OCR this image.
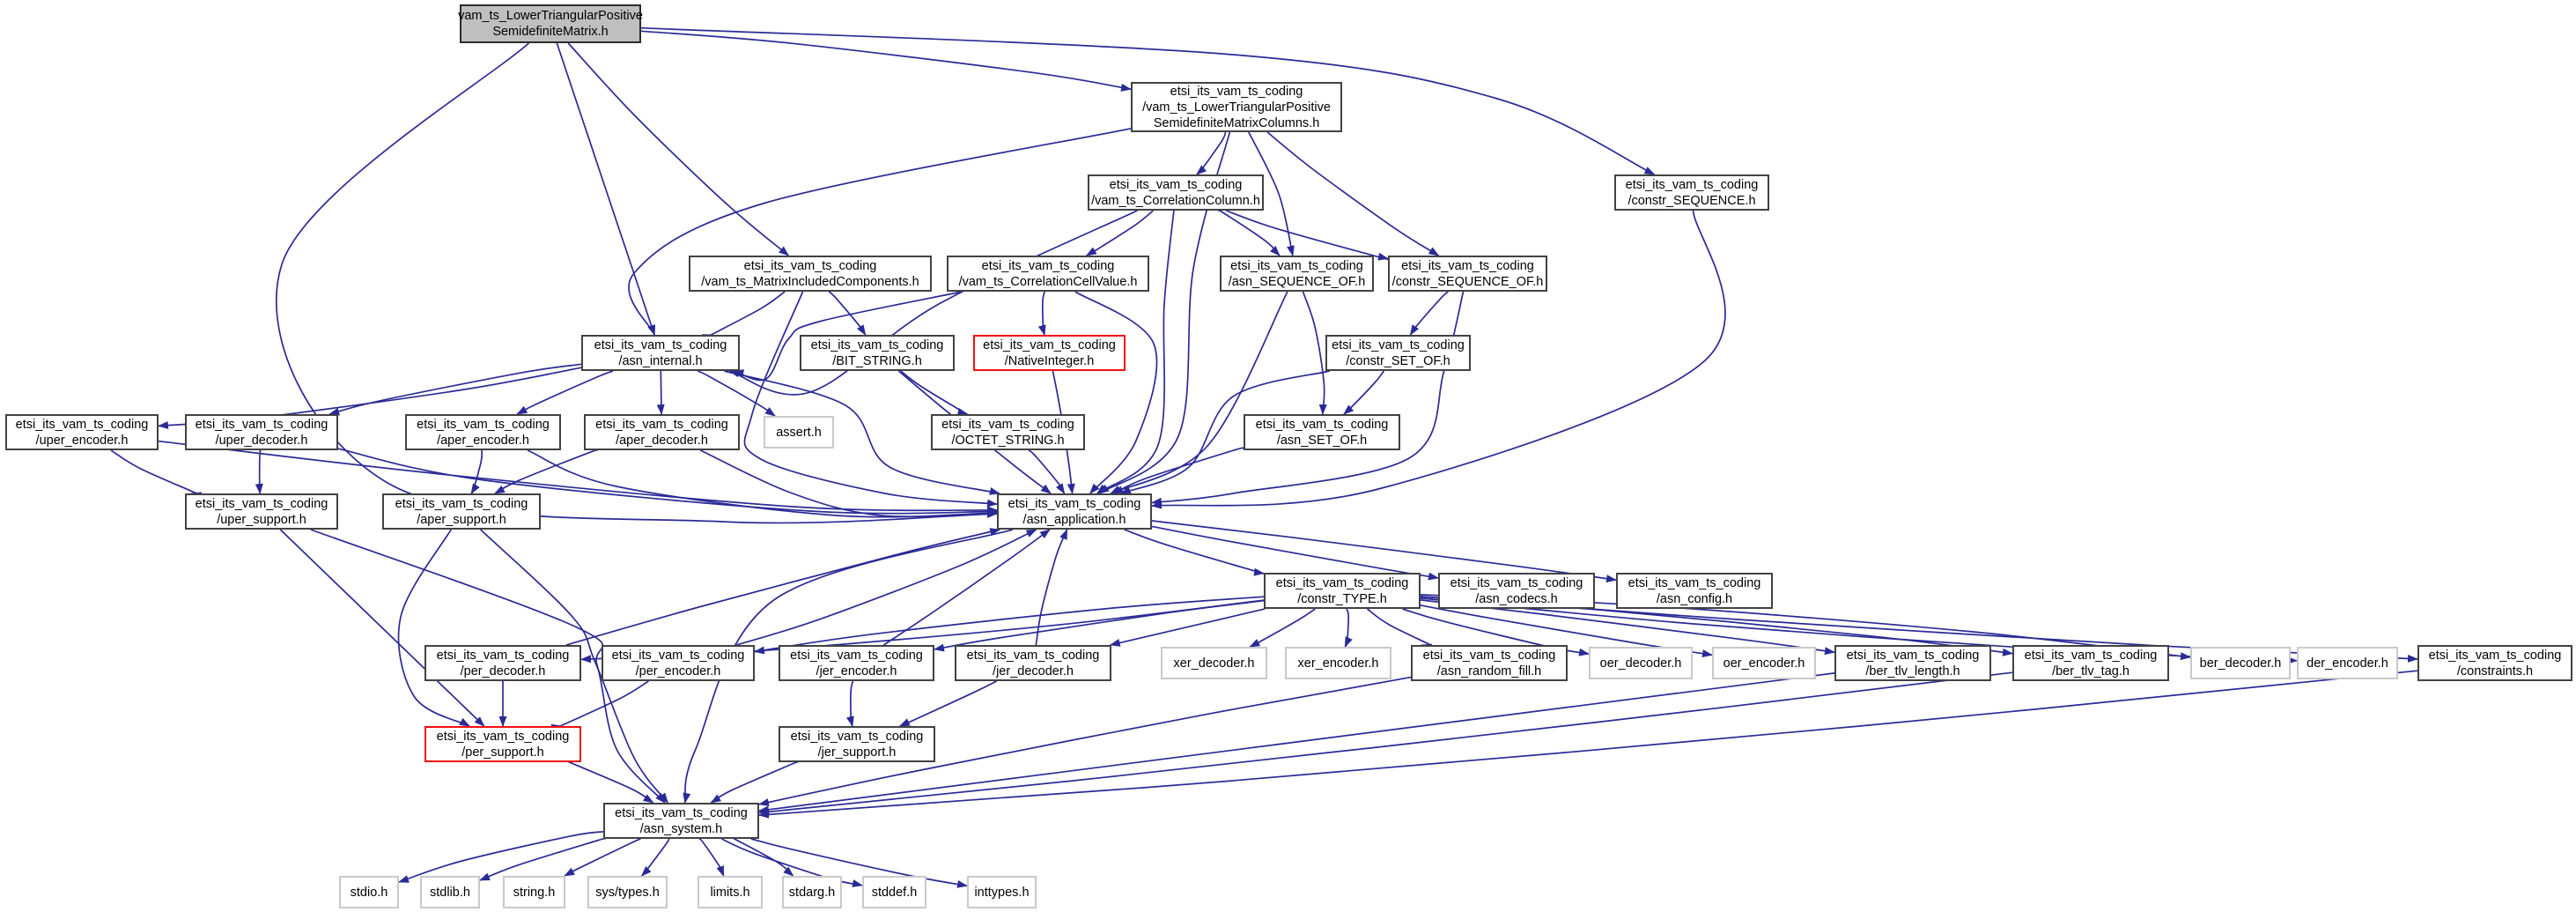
vam_ts_LowerTriangularPositive
SemidefiniteMatrix.h
etsi_its_vam_ts_coding
/vam_ts_LowerTriangularPositive
SemidefiniteMatrixColumns.h
etsi_its_vam_ts_coding
/vam_ts_CorrelationColumn.h
etsi_its_vam_ts_coding
/constr_SEQUENCE.h
etsi_its_vam_ts_coding
/vam_ts_MatrixIncludedComponents.h
etsi_its_vam_ts_coding
/vam_ts_CorrelationCellValue.h
etsi_its_vam_ts_coding
/asn_SEQUENCE_OF.h
etsi_its_vam_ts_coding
/constr_SEQUENCE_OF.h
etsi_its_vam_ts_coding
/asn_internal.h
etsi_its_vam_ts_coding
/BIT_STRING.h
etsi_its_vam_ts_coding
/NativeInteger.h
etsi_its_vam_ts_coding
/constr_SET_OF.h
etsi_its_vam_ts_coding
/uper_encoder.h
etsi_its_vam_ts_coding
/uper_decoder.h
etsi_its_vam_ts_coding
/aper_encoder.h
etsi_its_vam_ts_coding
/aper_decoder.h
assert.h
etsi_its_vam_ts_coding
/OCTET_STRING.h
etsi_its_vam_ts_coding
/asn_SET_OF.h
etsi_its_vam_ts_coding
/uper_support.h
etsi_its_vam_ts_coding
/aper_support.h
etsi_its_vam_ts_coding
/asn_application.h
etsi_its_vam_ts_coding
/constr_TYPE.h
etsi_its_vam_ts_coding
/asn_codecs.h
etsi_its_vam_ts_coding
/asn_config.h
etsi_its_vam_ts_coding
/per_decoder.h
etsi_its_vam_ts_coding
/per_encoder.h
etsi_its_vam_ts_coding
/jer_encoder.h
etsi_its_vam_ts_coding
/jer_decoder.h
xer_decoder.h	xer_encoder.h
etsi_its_vam_ts_coding
/asn_random_fill.h
oer_decoder.h	oer_encoder.h
etsi_its_vam_ts_coding
/ber_tlv_length.h
etsi_its_vam_ts_coding
/ber_tlv_tag.h
ber_decoder.h der_encoder.h
etsi_its_vam_ts_coding
/constraints.h
etsi_its_vam_ts_coding
/per_support.h
etsi_its_vam_ts_coding
/jer_support.h
etsi_its_vam_ts_coding
/asn_system.h
stdio.h	stdlib.h	string.h	sys/types.h	limits.h	stdarg.h	stddef.h	inttypes.h
